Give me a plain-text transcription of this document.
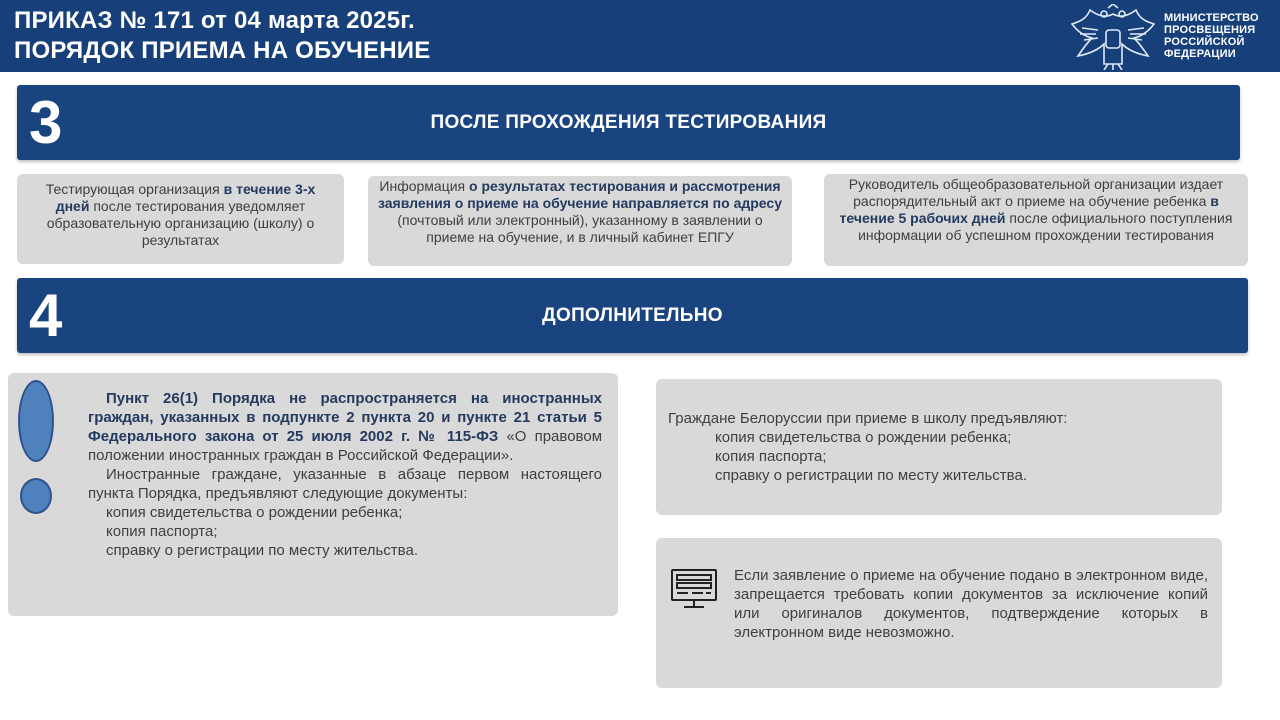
ПРИКАЗ № 171 от 04 марта 2025г.
ПОРЯДОК ПРИЕМА НА ОБУЧЕНИЕ
МИНИСТЕРСТВО
ПРОСВЕЩЕНИЯ
РОССИЙСКОЙ
ФЕДЕРАЦИИ
3	ПОСЛЕ ПРОХОЖДЕНИЯ ТЕСТИРОВАНИЯ
Тестирующая организация в течение 3-х дней после тестирования уведомляет образовательную организацию (школу) о результатах
Информация о результатах тестирования и рассмотрения заявления о приеме на обучение направляется по адресу (почтовый или электронный), указанному в заявлении о приеме на обучение, и в личный кабинет ЕПГУ
Руководитель общеобразовательной организации издает распорядительный акт о приеме на обучение ребенка в течение 5 рабочих дней после официального поступления информации об успешном прохождении тестирования
4	ДОПОЛНИТЕЛЬНО
Пункт 26(1) Порядка не распространяется на иностранных граждан, указанных в подпункте 2 пункта 20 и пункте 21 статьи 5 Федерального закона от 25 июля 2002 г. № 115-ФЗ «О правовом положении иностранных граждан в Российской Федерации».
Иностранные граждане, указанные в абзаце первом настоящего пункта Порядка, предъявляют следующие документы:
копия свидетельства о рождении ребенка;
копия паспорта;
справку о регистрации по месту жительства.
Граждане Белоруссии при приеме в школу предъявляют:
копия свидетельства о рождении ребенка;
копия паспорта;
справку о регистрации по месту жительства.
Если заявление о приеме на обучение подано в электронном виде, запрещается требовать копии документов за исключение копий или оригиналов документов, подтверждение которых в электронном виде невозможно.
